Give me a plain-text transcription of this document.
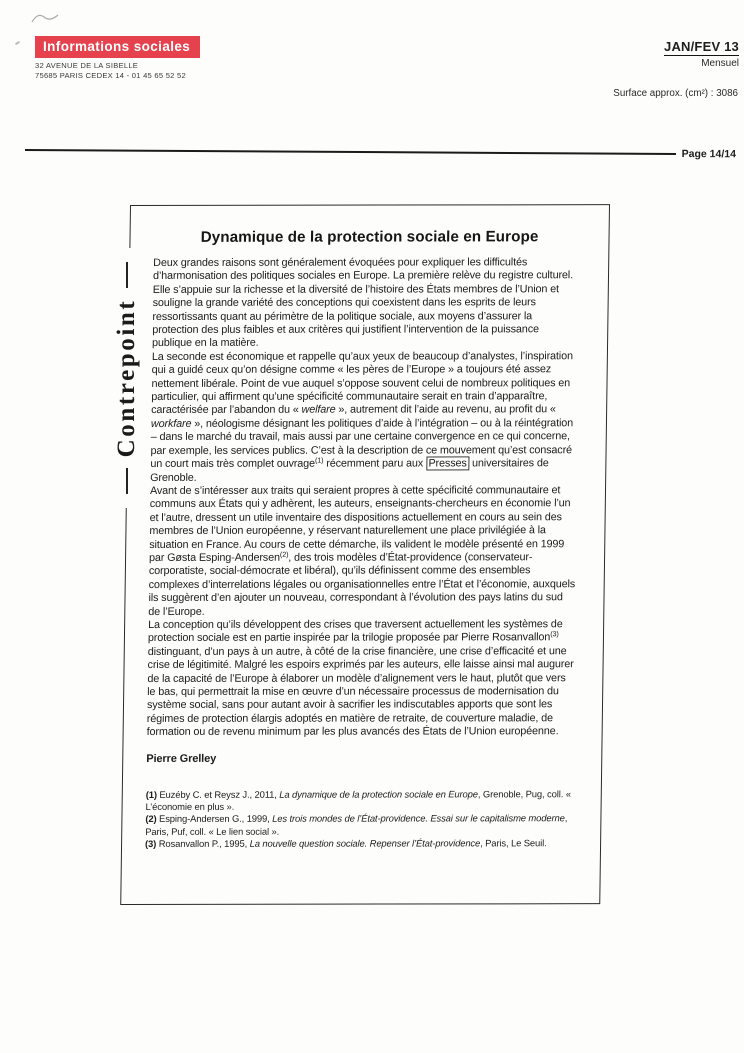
Informations sociales
32 AVENUE DE LA SIBELLE
75685 PARIS CEDEX 14 - 01 45 65 52 52
JAN/FEV 13
Mensuel
Surface approx. (cm²) : 3086
Page 14/14
Dynamique de la protection sociale en Europe

Deux grandes raisons sont généralement évoquées pour expliquer les difficultés d’harmonisation des politiques sociales en Europe. La première relève du registre culturel. Elle s’appuie sur la richesse et la diversité de l’histoire des États membres de l’Union et souligne la grande variété des conceptions qui coexistent dans les esprits de leurs ressortissants quant au périmètre de la politique sociale, aux moyens d’assurer la protection des plus faibles et aux critères qui justifient l’intervention de la puissance publique en la matière.

La seconde est économique et rappelle qu’aux yeux de beaucoup d’analystes, l’inspiration qui a guidé ceux qu’on désigne comme « les pères de l’Europe » a toujours été assez nettement libérale. Point de vue auquel s’oppose souvent celui de nombreux politiques en particulier, qui affirment qu’une spécificité communautaire serait en train d’apparaître, caractérisée par l’abandon du « welfare », autrement dit l’aide au revenu, au profit du « workfare », néologisme désignant les politiques d’aide à l’intégration – ou à la réintégration – dans le marché du travail, mais aussi par une certaine convergence en ce qui concerne, par exemple, les services publics. C’est à la description de ce mouvement qu’est consacré un court mais très complet ouvrage$^{(1)}$ récemment paru aux Presses universitaires de Grenoble.

Avant de s’intéresser aux traits qui seraient propres à cette spécificité communautaire et communs aux États qui y adhèrent, les auteurs, enseignants-chercheurs en économie l’un et l’autre, dressent un utile inventaire des dispositions actuellement en cours au sein des membres de l’Union européenne, y réservant naturellement une place privilégiée à la situation en France. Au cours de cette démarche, ils valident le modèle présenté en 1999 par Gøsta Esping-Andersen$^{(2)}$, des trois modèles d’État-providence (conservateur-corporatiste, social-démocrate et libéral), qu’ils définissent comme des ensembles complexes d’interrelations légales ou organisationnelles entre l’État et l’économie, auxquels ils suggèrent d’en ajouter un nouveau, correspondant à l’évolution des pays latins du sud de l’Europe.

La conception qu’ils développent des crises que traversent actuellement les systèmes de protection sociale est en partie inspirée par la trilogie proposée par Pierre Rosanvallon$^{(3)}$ distinguant, d’un pays à un autre, à côté de la crise financière, une crise d’efficacité et une crise de légitimité. Malgré les espoirs exprimés par les auteurs, elle laisse ainsi mal augurer de la capacité de l’Europe à élaborer un modèle d’alignement vers le haut, plutôt que vers le bas, qui permettrait la mise en œuvre d’un nécessaire processus de modernisation du système social, sans pour autant avoir à sacrifier les indiscutables apports que sont les régimes de protection élargis adoptés en matière de retraite, de couverture maladie, de formation ou de revenu minimum par les plus avancés des États de l’Union européenne.

Pierre Grelley

(1) Euzéby C. et Reysz J., 2011, La dynamique de la protection sociale en Europe, Grenoble, Pug, coll. « L’économie en plus ».

(2) Esping-Andersen G., 1999, Les trois mondes de l’État-providence. Essai sur le capitalisme moderne, Paris, Puf, coll. « Le lien social ».

(3) Rosanvallon P., 1995, La nouvelle question sociale. Repenser l’État-providence, Paris, Le Seuil.

Contrepoint
